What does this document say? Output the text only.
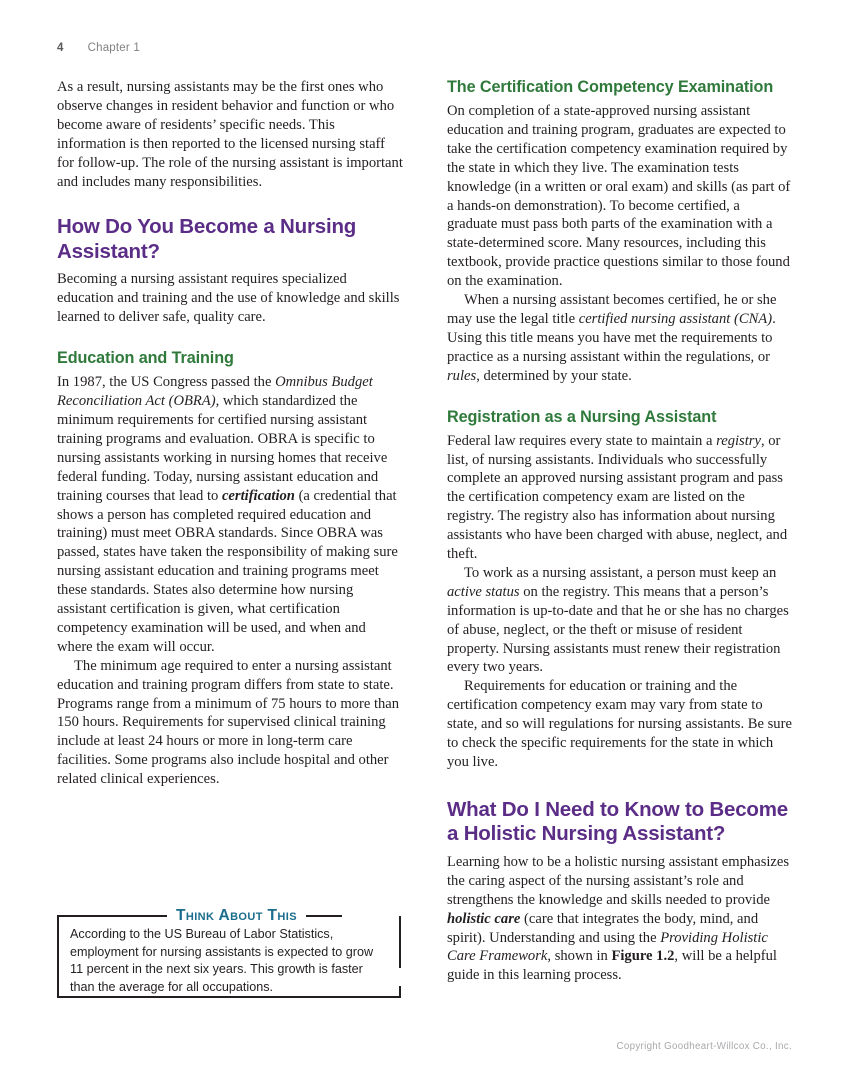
4 Chapter 1

As a result, nursing assistants may be the first ones who observe changes in resident behavior and function or who become aware of residents’ specific needs. This information is then reported to the licensed nursing staff for follow-up. The role of the nursing assistant is important and includes many responsibilities.

How Do You Become a Nursing Assistant?

Becoming a nursing assistant requires specialized education and training and the use of knowledge and skills learned to deliver safe, quality care.

Education and Training

In 1987, the US Congress passed the Omnibus Budget Reconciliation Act (OBRA), which standardized the minimum requirements for certified nursing assistant training programs and evaluation. OBRA is specific to nursing assistants working in nursing homes that receive federal funding. Today, nursing assistant education and training courses that lead to certification (a credential that shows a person has completed required education and training) must meet OBRA standards. Since OBRA was passed, states have taken the responsibility of making sure nursing assistant education and training programs meet these standards. States also determine how nursing assistant certification is given, what certification competency examination will be used, and when and where the exam will occur.

The minimum age required to enter a nursing assistant education and training program differs from state to state. Programs range from a minimum of 75 hours to more than 150 hours. Requirements for supervised clinical training include at least 24 hours or more in long-term care facilities. Some programs also include hospital and other related clinical experiences.

The Certification Competency Examination

On completion of a state-approved nursing assistant education and training program, graduates are expected to take the certification competency examination required by the state in which they live. The examination tests knowledge (in a written or oral exam) and skills (as part of a hands-on demonstration). To become certified, a graduate must pass both parts of the examination with a state-determined score. Many resources, including this textbook, provide practice questions similar to those found on the examination.

When a nursing assistant becomes certified, he or she may use the legal title certified nursing assistant (CNA). Using this title means you have met the requirements to practice as a nursing assistant within the regulations, or rules, determined by your state.

Registration as a Nursing Assistant

Federal law requires every state to maintain a registry, or list, of nursing assistants. Individuals who successfully complete an approved nursing assistant program and pass the certification competency exam are listed on the registry. The registry also has information about nursing assistants who have been charged with abuse, neglect, and theft.

To work as a nursing assistant, a person must keep an active status on the registry. This means that a person’s information is up-to-date and that he or she has no charges of abuse, neglect, or the theft or misuse of resident property. Nursing assistants must renew their registration every two years.

Requirements for education or training and the certification competency exam may vary from state to state, and so will regulations for nursing assistants. Be sure to check the specific requirements for the state in which you live.

What Do I Need to Know to Become a Holistic Nursing Assistant?

Learning how to be a holistic nursing assistant emphasizes the caring aspect of the nursing assistant’s role and strengthens the knowledge and skills needed to provide holistic care (care that integrates the body, mind, and spirit). Understanding and using the Providing Holistic Care Framework, shown in Figure 1.2, will be a helpful guide in this learning process.

Think About This
According to the US Bureau of Labor Statistics, employment for nursing assistants is expected to grow 11 percent in the next six years. This growth is faster than the average for all occupations.
Copyright Goodheart-Willcox Co., Inc.
